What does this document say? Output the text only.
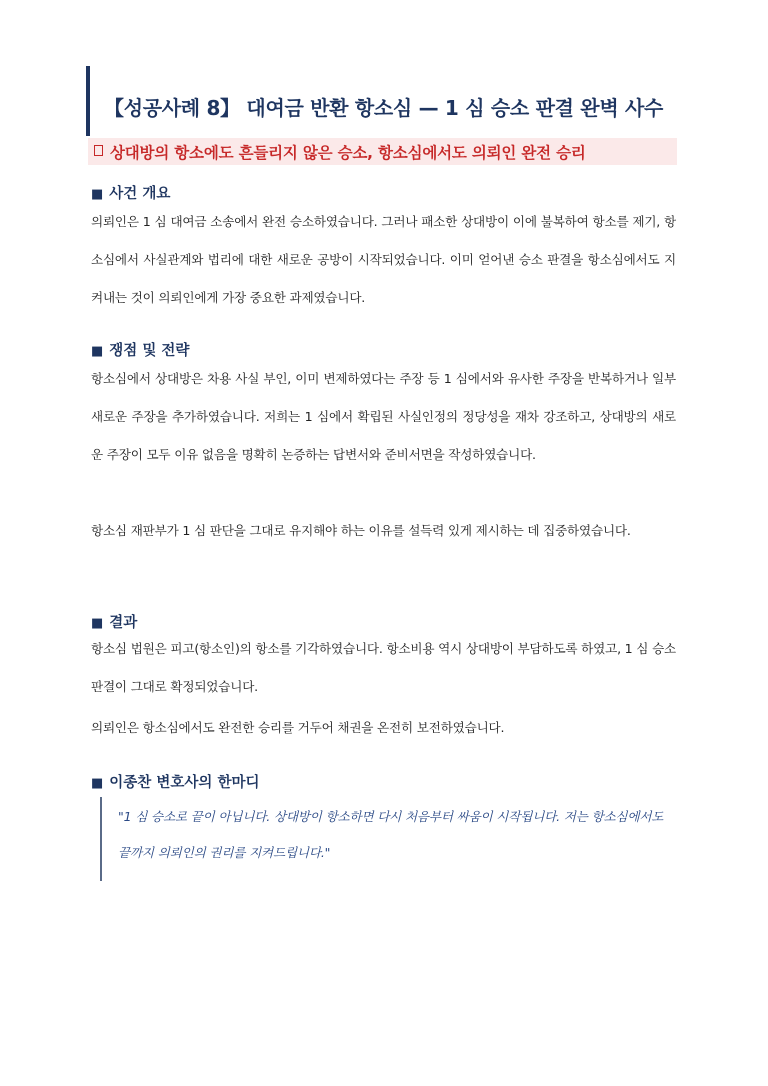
【성공사례 8】 대여금 반환 항소심 — 1 심 승소 판결 완벽 사수
상대방의 항소에도 흔들리지 않은 승소, 항소심에서도 의뢰인 완전 승리
■ 사건 개요
의뢰인은 1 심 대여금 소송에서 완전 승소하였습니다. 그러나 패소한 상대방이 이에 불복하여 항소를 제기, 항소심에서 사실관계와 법리에 대한 새로운 공방이 시작되었습니다. 이미 얻어낸 승소 판결을 항소심에서도 지켜내는 것이 의뢰인에게 가장 중요한 과제였습니다.
■ 쟁점 및 전략
항소심에서 상대방은 차용 사실 부인, 이미 변제하였다는 주장 등 1 심에서와 유사한 주장을 반복하거나 일부 새로운 주장을 추가하였습니다. 저희는 1 심에서 확립된 사실인정의 정당성을 재차 강조하고, 상대방의 새로운 주장이 모두 이유 없음을 명확히 논증하는 답변서와 준비서면을 작성하였습니다.
항소심 재판부가 1 심 판단을 그대로 유지해야 하는 이유를 설득력 있게 제시하는 데 집중하였습니다.
■ 결과
항소심 법원은 피고(항소인)의 항소를 기각하였습니다. 항소비용 역시 상대방이 부담하도록 하였고, 1 심 승소 판결이 그대로 확정되었습니다.
의뢰인은 항소심에서도 완전한 승리를 거두어 채권을 온전히 보전하였습니다.
■ 이종찬 변호사의 한마디
"1 심 승소로 끝이 아닙니다. 상대방이 항소하면 다시 처음부터 싸움이 시작됩니다. 저는 항소심에서도 끝까지 의뢰인의 권리를 지켜드립니다."
